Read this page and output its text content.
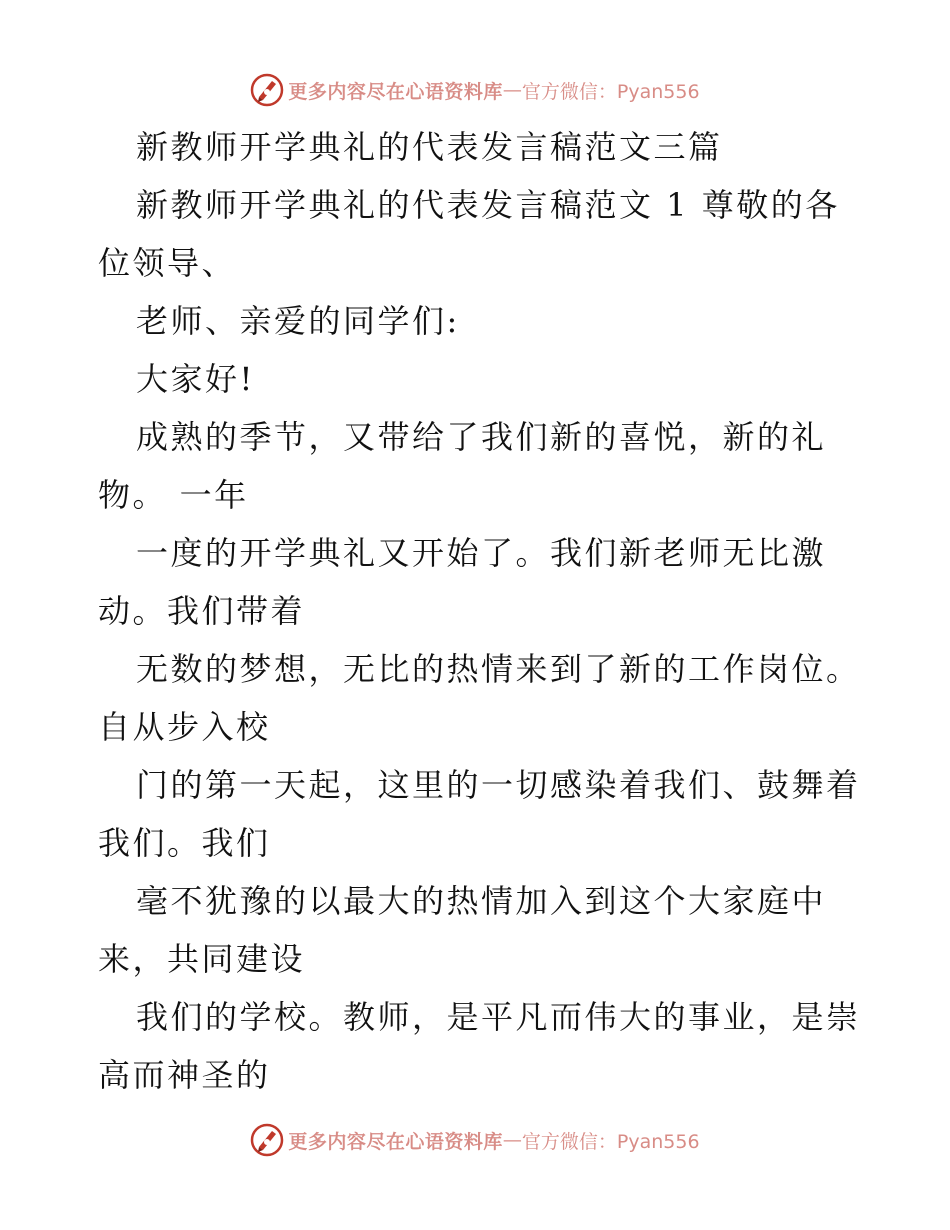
更多内容尽在心语资料库 — 官方微信：Pyan556
新教师开学典礼的代表发言稿范文三篇
新教师开学典礼的代表发言稿范文 1 尊敬的各
位领导、
老师、亲爱的同学们:
大家好!
成熟的季节，又带给了我们新的喜悦，新的礼
物。 一年
一度的开学典礼又开始了。我们新老师无比激
动。我们带着
无数的梦想，无比的热情来到了新的工作岗位。
自从步入校
门的第一天起，这里的一切感染着我们、鼓舞着
我们。我们
毫不犹豫的以最大的热情加入到这个大家庭中
来，共同建设
我们的学校。教师，是平凡而伟大的事业，是崇
高而神圣的
更多内容尽在心语资料库 — 官方微信：Pyan556
